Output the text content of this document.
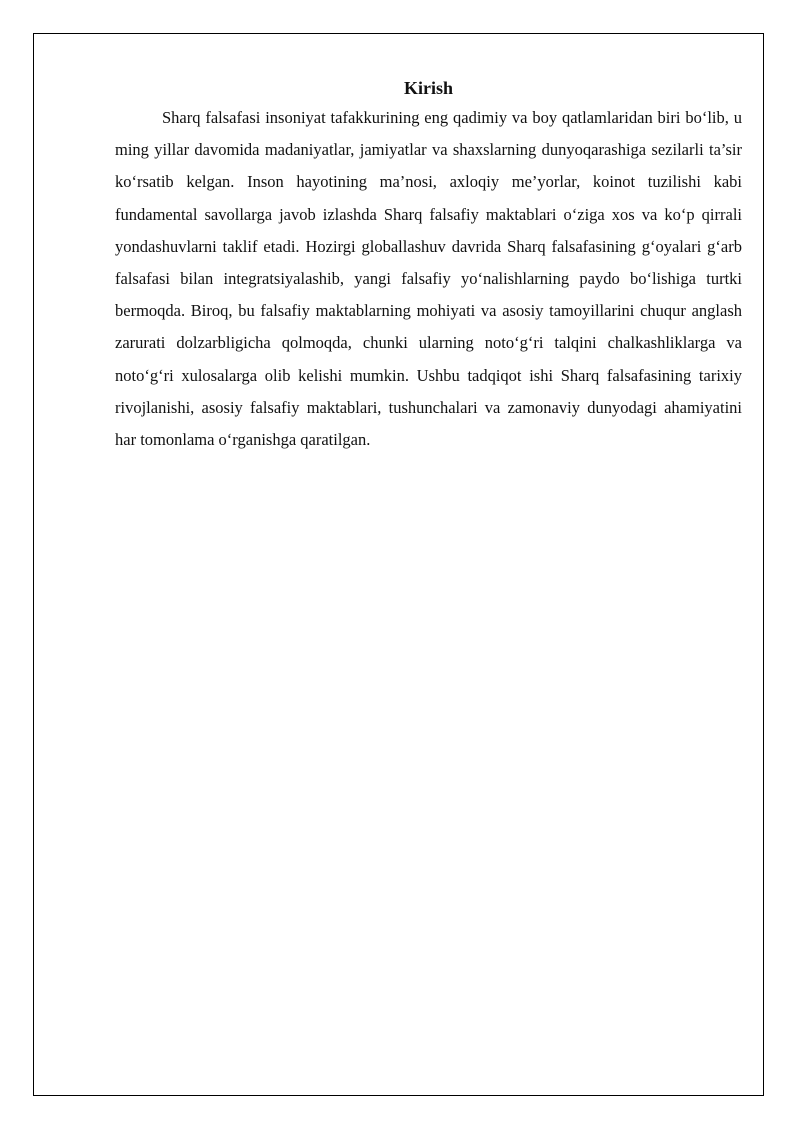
Kirish

Sharq falsafasi insoniyat tafakkurining eng qadimiy va boy qatlamlaridan biri bo‘lib, u ming yillar davomida madaniyatlar, jamiyatlar va shaxslarning dunyoqarashiga sezilarli ta’sir ko‘rsatib kelgan. Inson hayotining ma’nosi, axloqiy me’yorlar, koinot tuzilishi kabi fundamental savollarga javob izlashda Sharq falsafiy maktablari o‘ziga xos va ko‘p qirrali yondashuvlarni taklif etadi. Hozirgi globallashuv davrida Sharq falsafasining g‘oyalari g‘arb falsafasi bilan integratsiyalashib, yangi falsafiy yo‘nalishlarning paydo bo‘lishiga turtki bermoqda. Biroq, bu falsafiy maktablarning mohiyati va asosiy tamoyillarini chuqur anglash zarurati dolzarbligicha qolmoqda, chunki ularning noto‘g‘ri talqini chalkashliklarga va noto‘g‘ri xulosalarga olib kelishi mumkin. Ushbu tadqiqot ishi Sharq falsafasining tarixiy rivojlanishi, asosiy falsafiy maktablari, tushunchalari va zamonaviy dunyodagi ahamiyatini har tomonlama o‘rganishga qaratilgan.
